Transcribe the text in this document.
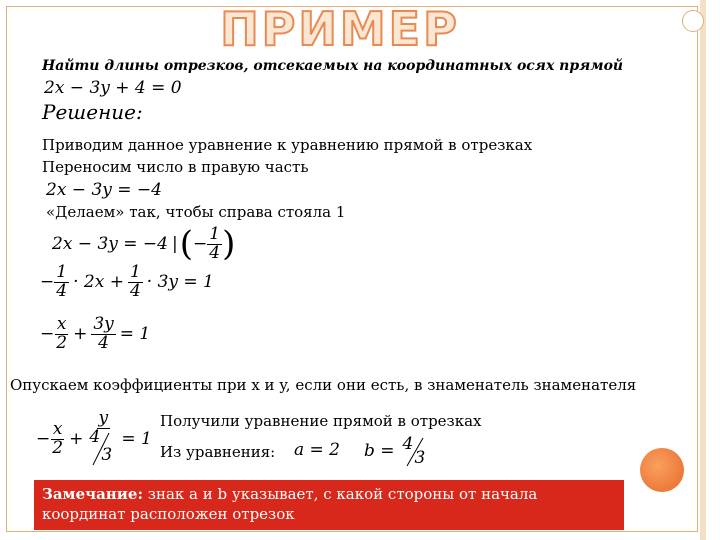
ПРИМЕР
Найти длины отрезков, отсекаемых на координатных осях прямой
2x − 3y + 4 = 0
Решение:
Приводим данное уравнение к уравнению прямой в отрезках
Переносим число в правую часть
2x − 3y = −4
«Делаем» так, чтобы справа стояла 1
2x − 3y = −4 | ( − $\frac{1}{4}$ )
− $\frac{1}{4} \cdot 2x + \frac{1}{4} \cdot 3y = 1$
− $\frac{x}{2} + \frac{3y}{4} = 1$
Опускаем коэффициенты при x и y, если они есть, в знаменатель знаменателя
− $\frac{x}{2} + y$
4
3 = 1
Получили уравнение прямой в отрезках
Из уравнения: a = 2 b = 4
3
Замечание: знак a и b указывает, с какой стороны от начала координат расположен отрезок
